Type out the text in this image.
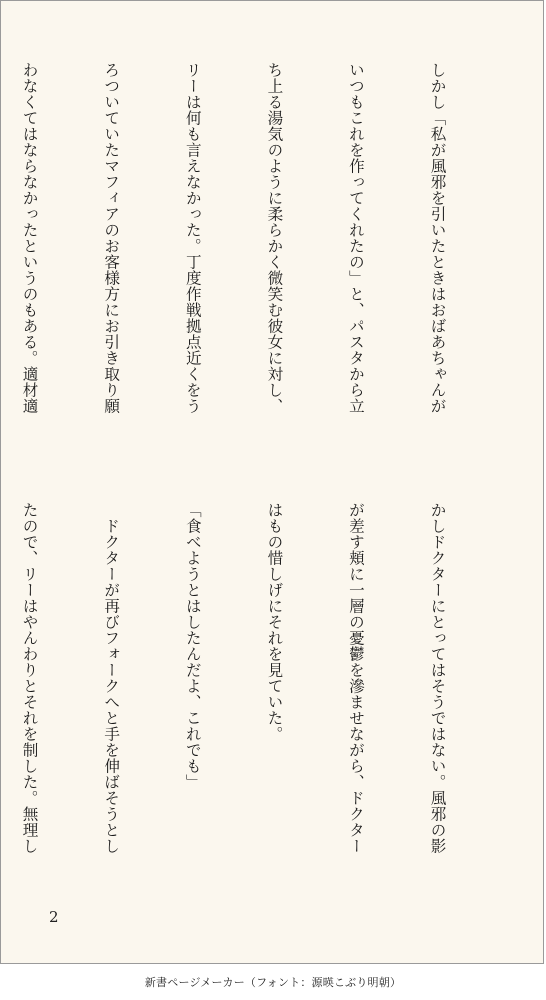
しかし「私が風邪を引いたときはおばあちゃんが

いつもこれを作ってくれたの」と、パスタから立

ち上る湯気のように柔らかく微笑む彼女に対し、

リーは何も言えなかった。丁度作戦拠点近くをう

ろついていたマフィアのお客様方にお引き取り願

わなくてはならなかったというのもある。適材適

かしドクターにとってはそうではない。風邪の影

が差す頬に一層の憂鬱を滲ませながら、ドクター

はもの惜しげにそれを見ていた。

「食べようとはしたんだよ、これでも」

　ドクターが再びフォークへと手を伸ばそうとし

たので、リーはやんわりとそれを制した。無理し

2
新書ページメーカー（フォント：源暎こぶり明朝）
